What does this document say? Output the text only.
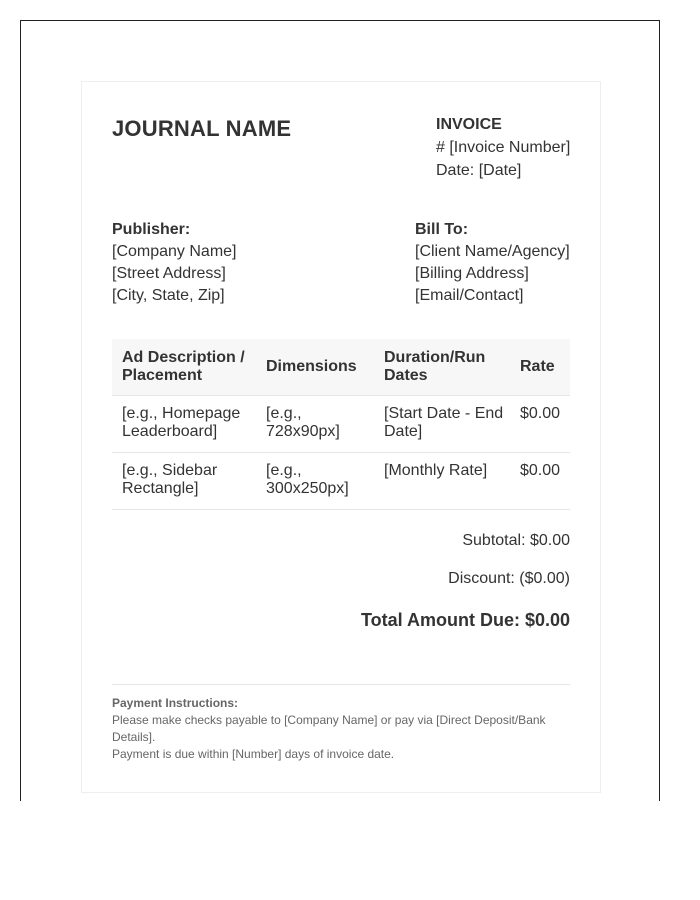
JOURNAL NAME	INVOICE
# [Invoice Number]
Date: [Date]
Publisher:
[Company Name]
[Street Address]
[City, State, Zip]
Bill To:
[Client Name/Agency]
[Billing Address]
[Email/Contact]
Ad Description / Placement
Dimensions
Duration/Run Dates
Rate
[e.g., Homepage Leaderboard]
[e.g., 728x90px]
[Start Date - End Date]
$0.00
[e.g., Sidebar Rectangle]
[e.g., 300x250px]
[Monthly Rate]	$0.00
Subtotal: $0.00
Discount: ($0.00)
Total Amount Due: $0.00
Payment Instructions:
Please make checks payable to [Company Name] or pay via [Direct Deposit/Bank Details].
Payment is due within [Number] days of invoice date.
